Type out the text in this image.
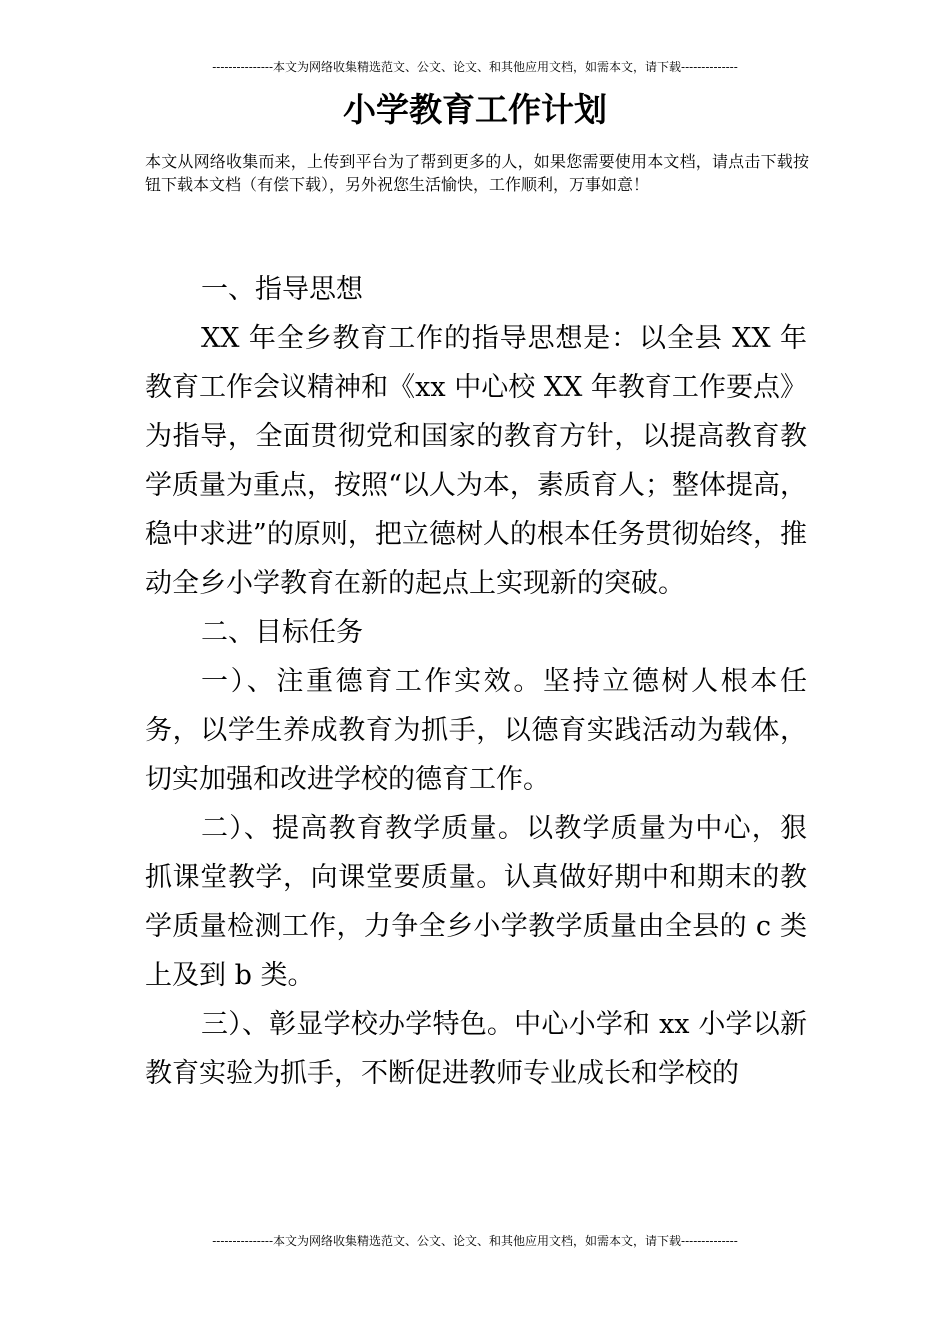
---------------本文为网络收集精选范文、公文、论文、和其他应用文档，如需本文，请下载--------------
小学教育工作计划

本文从网络收集而来，上传到平台为了帮到更多的人，如果您需要使用本文档，请点击下载按钮下载本文档（有偿下载），另外祝您生活愉快，工作顺利，万事如意！

一、指导思想

XX 年全乡教育工作的指导思想是：以全县 XX 年教育工作会议精神和《xx 中心校 XX 年教育工作要点》为指导，全面贯彻党和国家的教育方针，以提高教育教学质量为重点，按照“以人为本，素质育人；整体提高，稳中求进”的原则，把立德树人的根本任务贯彻始终，推动全乡小学教育在新的起点上实现新的突破。

二、目标任务

一）、注重德育工作实效。坚持立德树人根本任务，以学生养成教育为抓手，以德育实践活动为载体，切实加强和改进学校的德育工作。

二）、提高教育教学质量。以教学质量为中心，狠抓课堂教学，向课堂要质量。认真做好期中和期末的教学质量检测工作，力争全乡小学教学质量由全县的 c 类上及到 b 类。

三）、彰显学校办学特色。中心小学和 xx 小学以新教育实验为抓手，不断促进教师专业成长和学校的

---------------本文为网络收集精选范文、公文、论文、和其他应用文档，如需本文，请下载--------------
